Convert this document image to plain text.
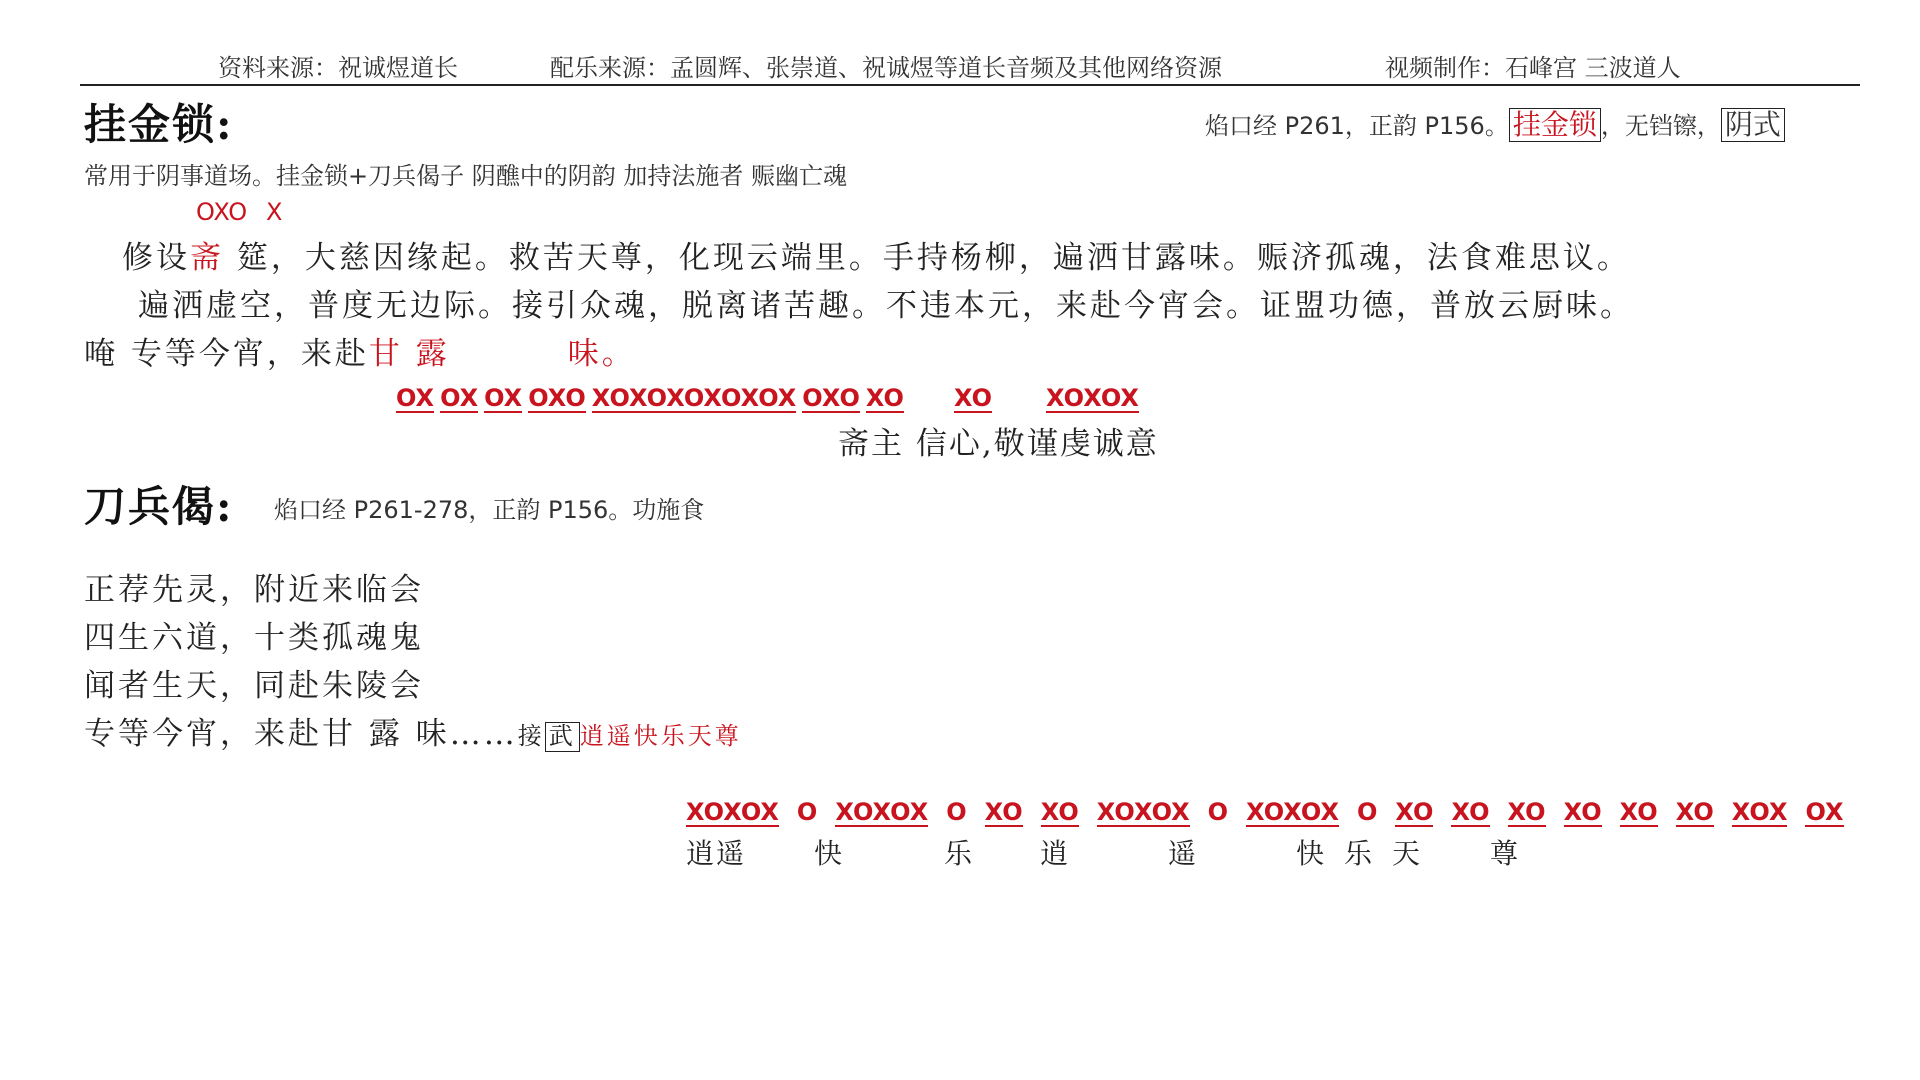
资料来源：祝诚煜道长	配乐来源：孟圆辉、张崇道、祝诚煜等道长音频及其他网络资源	视频制作：石峰宫 三波道人
挂金锁:	焰口经 P261，正韵 P156。 挂金锁 ，无铛镲， 阴式
常用于阴事道场。挂金锁+刀兵偈子 阴醮中的阴韵 加持法施者 赈幽亡魂
OXO X
修设斋 筵，大慈因缘起。救苦天尊，化现云端里。手持杨柳，遍洒甘露味。赈济孤魂，法食难思议。
遍洒虚空，普度无边际。接引众魂，脱离诸苦趣。不违本元，来赴今宵会。证盟功德，普放云厨味。
唵 专等今宵，来赴甘 露	味。
OX OX OX OXO XOXOXOXOXOX OXO XO XO XOXOX
斋主 信心,敬谨虔诚意
刀兵偈: 焰口经 P261-278，正韵 P156。功施食
正荐先灵，附近来临会
四生六道，十类孤魂鬼
闻者生天，同赴朱陵会
专等今宵，来赴甘 露 味……接 武 逍遥快乐天尊
XOXOX O XOXOX O XO XO XOXOX O XOXOX O XO XO XO XO XO XO XOX OX
逍遥 快	乐 逍	遥	快 乐 天 尊
